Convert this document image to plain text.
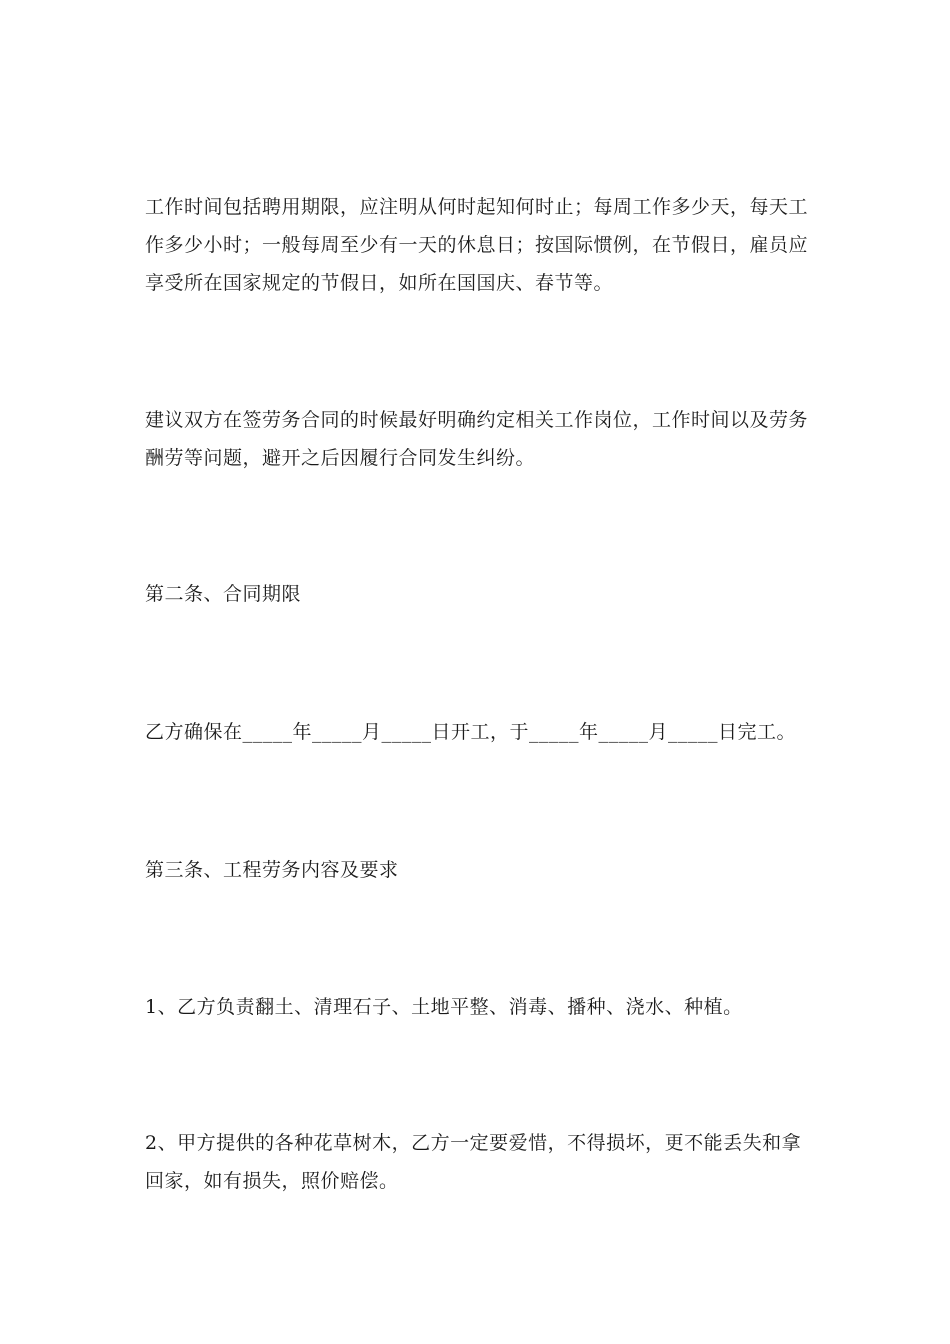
工作时间包括聘用期限，应注明从何时起知何时止；每周工作多少天，每天工作多少小时；一般每周至少有一天的休息日；按国际惯例，在节假日，雇员应享受所在国家规定的节假日，如所在国国庆、春节等。

建议双方在签劳务合同的时候最好明确约定相关工作岗位，工作时间以及劳务酬劳等问题，避开之后因履行合同发生纠纷。

第二条、合同期限

乙方确保在_____年_____月_____日开工，于_____年_____月_____日完工。

第三条、工程劳务内容及要求

1、乙方负责翻土、清理石子、土地平整、消毒、播种、浇水、种植。

2、甲方提供的各种花草树木，乙方一定要爱惜，不得损坏，更不能丢失和拿回家，如有损失，照价赔偿。
